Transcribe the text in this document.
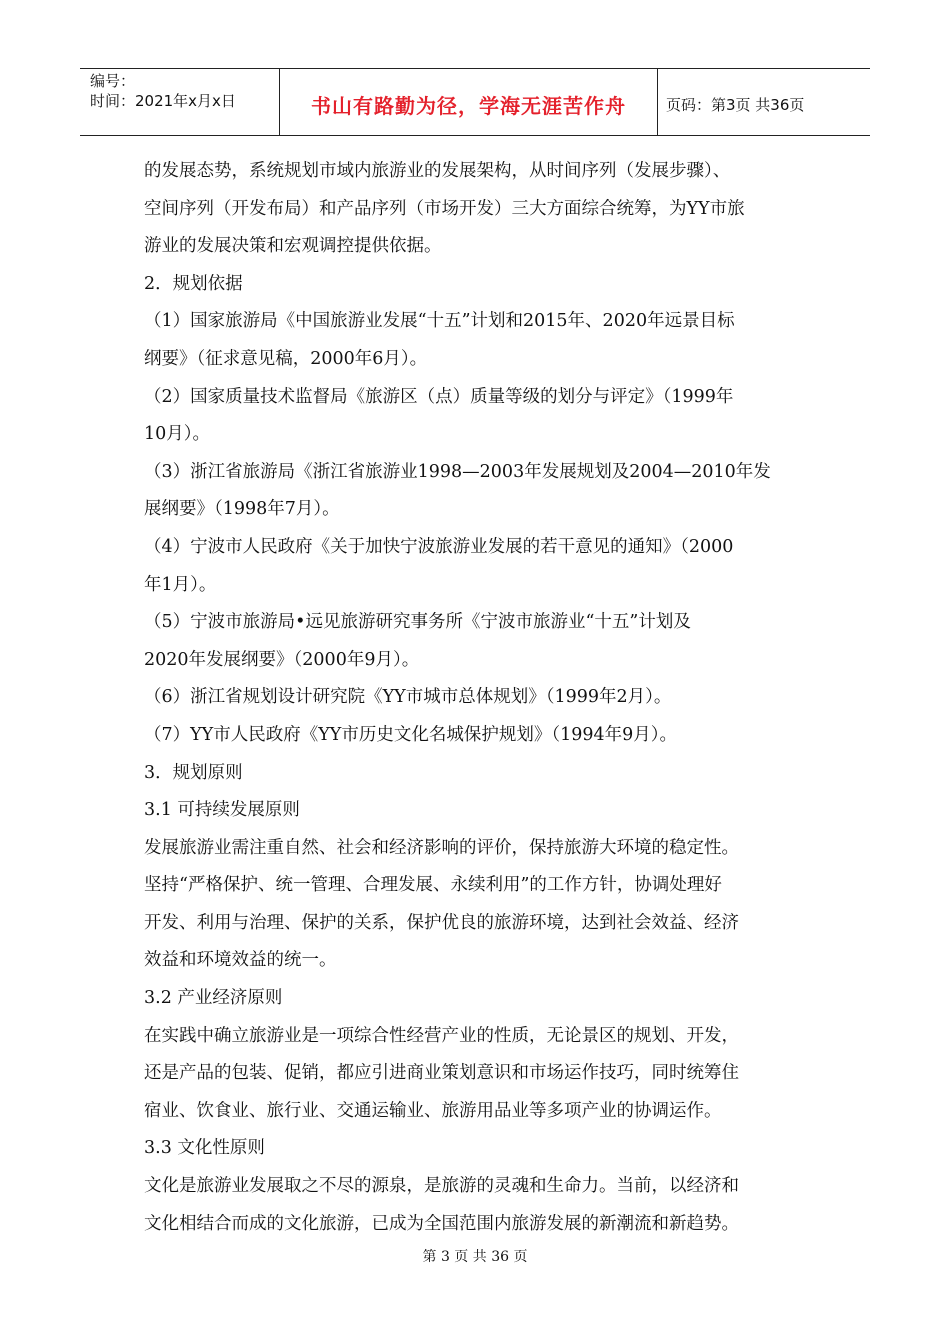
编号：
时间：2021年x月x日	书山有路勤为径，学海无涯苦作舟	页码：第3页 共36页
的发展态势，系统规划市域内旅游业的发展架构，从时间序列（发展步骤）、
空间序列（开发布局）和产品序列（市场开发）三大方面综合统筹，为YY市旅
游业的发展决策和宏观调控提供依据。
2．规划依据
（1）国家旅游局《中国旅游业发展“十五”计划和2015年、2020年远景目标
纲要》（征求意见稿，2000年6月）。
（2）国家质量技术监督局《旅游区（点）质量等级的划分与评定》（1999年
10月）。
（3）浙江省旅游局《浙江省旅游业1998—2003年发展规划及2004—2010年发
展纲要》（1998年7月）。
（4）宁波市人民政府《关于加快宁波旅游业发展的若干意见的通知》（2000
年1月）。
（5）宁波市旅游局•远见旅游研究事务所《宁波市旅游业“十五”计划及
2020年发展纲要》（2000年9月）。
（6）浙江省规划设计研究院《YY市城市总体规划》（1999年2月）。
（7）YY市人民政府《YY市历史文化名城保护规划》（1994年9月）。
3．规划原则
3.1 可持续发展原则
发展旅游业需注重自然、社会和经济影响的评价，保持旅游大环境的稳定性。
坚持“严格保护、统一管理、合理发展、永续利用”的工作方针，协调处理好
开发、利用与治理、保护的关系，保护优良的旅游环境，达到社会效益、经济
效益和环境效益的统一。
3.2 产业经济原则
在实践中确立旅游业是一项综合性经营产业的性质，无论景区的规划、开发，
还是产品的包装、促销，都应引进商业策划意识和市场运作技巧，同时统筹住
宿业、饮食业、旅行业、交通运输业、旅游用品业等多项产业的协调运作。
3.3 文化性原则
文化是旅游业发展取之不尽的源泉，是旅游的灵魂和生命力。当前，以经济和
文化相结合而成的文化旅游，已成为全国范围内旅游发展的新潮流和新趋势。
第 3 页 共 36 页
